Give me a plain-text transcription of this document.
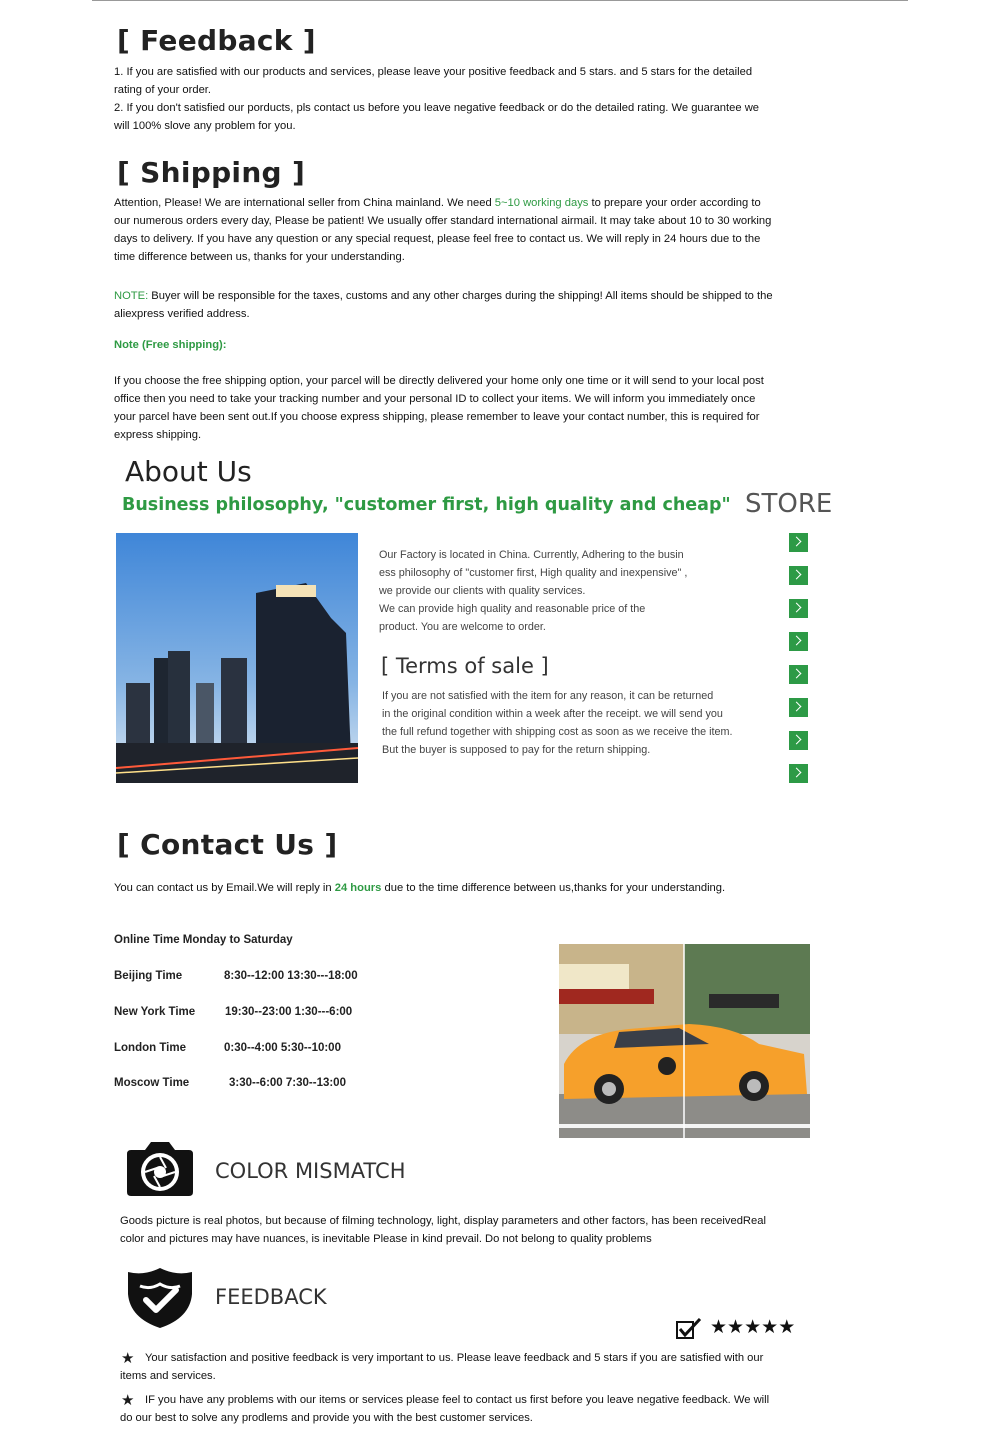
[ Feedback ]
1. If you are satisfied with our products and services, please leave your positive feedback and 5 stars. and 5 stars for the detailed
rating of your order.
2. If you don't satisfied our porducts, pls contact us before you leave negative feedback or do the detailed rating. We guarantee we
will 100% slove any problem for you.
[ Shipping ]
Attention, Please! We are international seller from China mainland. We need 5~10 working days to prepare your order according to
our numerous orders every day, Please be patient! We usually offer standard international airmail. It may take about 10 to 30 working
days to delivery. If you have any question or any special request, please feel free to contact us. We will reply in 24 hours due to the
time difference between us, thanks for your understanding.
NOTE: Buyer will be responsible for the taxes, customs and any other charges during the shipping! All items should be shipped to the
aliexpress verified address.
Note (Free shipping):
If you choose the free shipping option, your parcel will be directly delivered your home only one time or it will send to your local post
office then you need to take your tracking number and your personal ID to collect your items. We will inform you immediately once
your parcel have been sent out.If you choose express shipping, please remember to leave your contact number, this is required for
express shipping.
About Us
Business philosophy, "customer first, high quality and cheap" STORE
Our Factory is located in China. Currently, Adhering to the busin
ess philosophy of "customer first, High quality and inexpensive" ,
we provide our clients with quality services.
We can provide high quality and reasonable price of the
product. You are welcome to order.
[ Terms of sale ]
If you are not satisfied with the item for any reason, it can be returned
in the original condition within a week after the receipt. we will send you
the full refund together with shipping cost as soon as we receive the item.
But the buyer is supposed to pay for the return shipping.
[ Contact Us ]
You can contact us by Email.We will reply in 24 hours due to the time difference between us,thanks for your understanding.
Online Time Monday to Saturday
Beijing Time	8:30--12:00 13:30---18:00
New York Time	19:30--23:00 1:30---6:00
London Time	0:30--4:00 5:30--10:00
Moscow Time	3:30--6:00 7:30--13:00
COLOR MISMATCH
Goods picture is real photos, but because of filming technology, light, display parameters and other factors, has been receivedReal
color and pictures may have nuances, is inevitable Please in kind prevail. Do not belong to quality problems
FEEDBACK
★★★★★
★ Your satisfaction and positive feedback is very important to us. Please leave feedback and 5 stars if you are satisfied with our
items and services.
★ IF you have any problems with our items or services please feel to contact us first before you leave negative feedback. We will
do our best to solve any prodlems and provide you with the best customer services.
